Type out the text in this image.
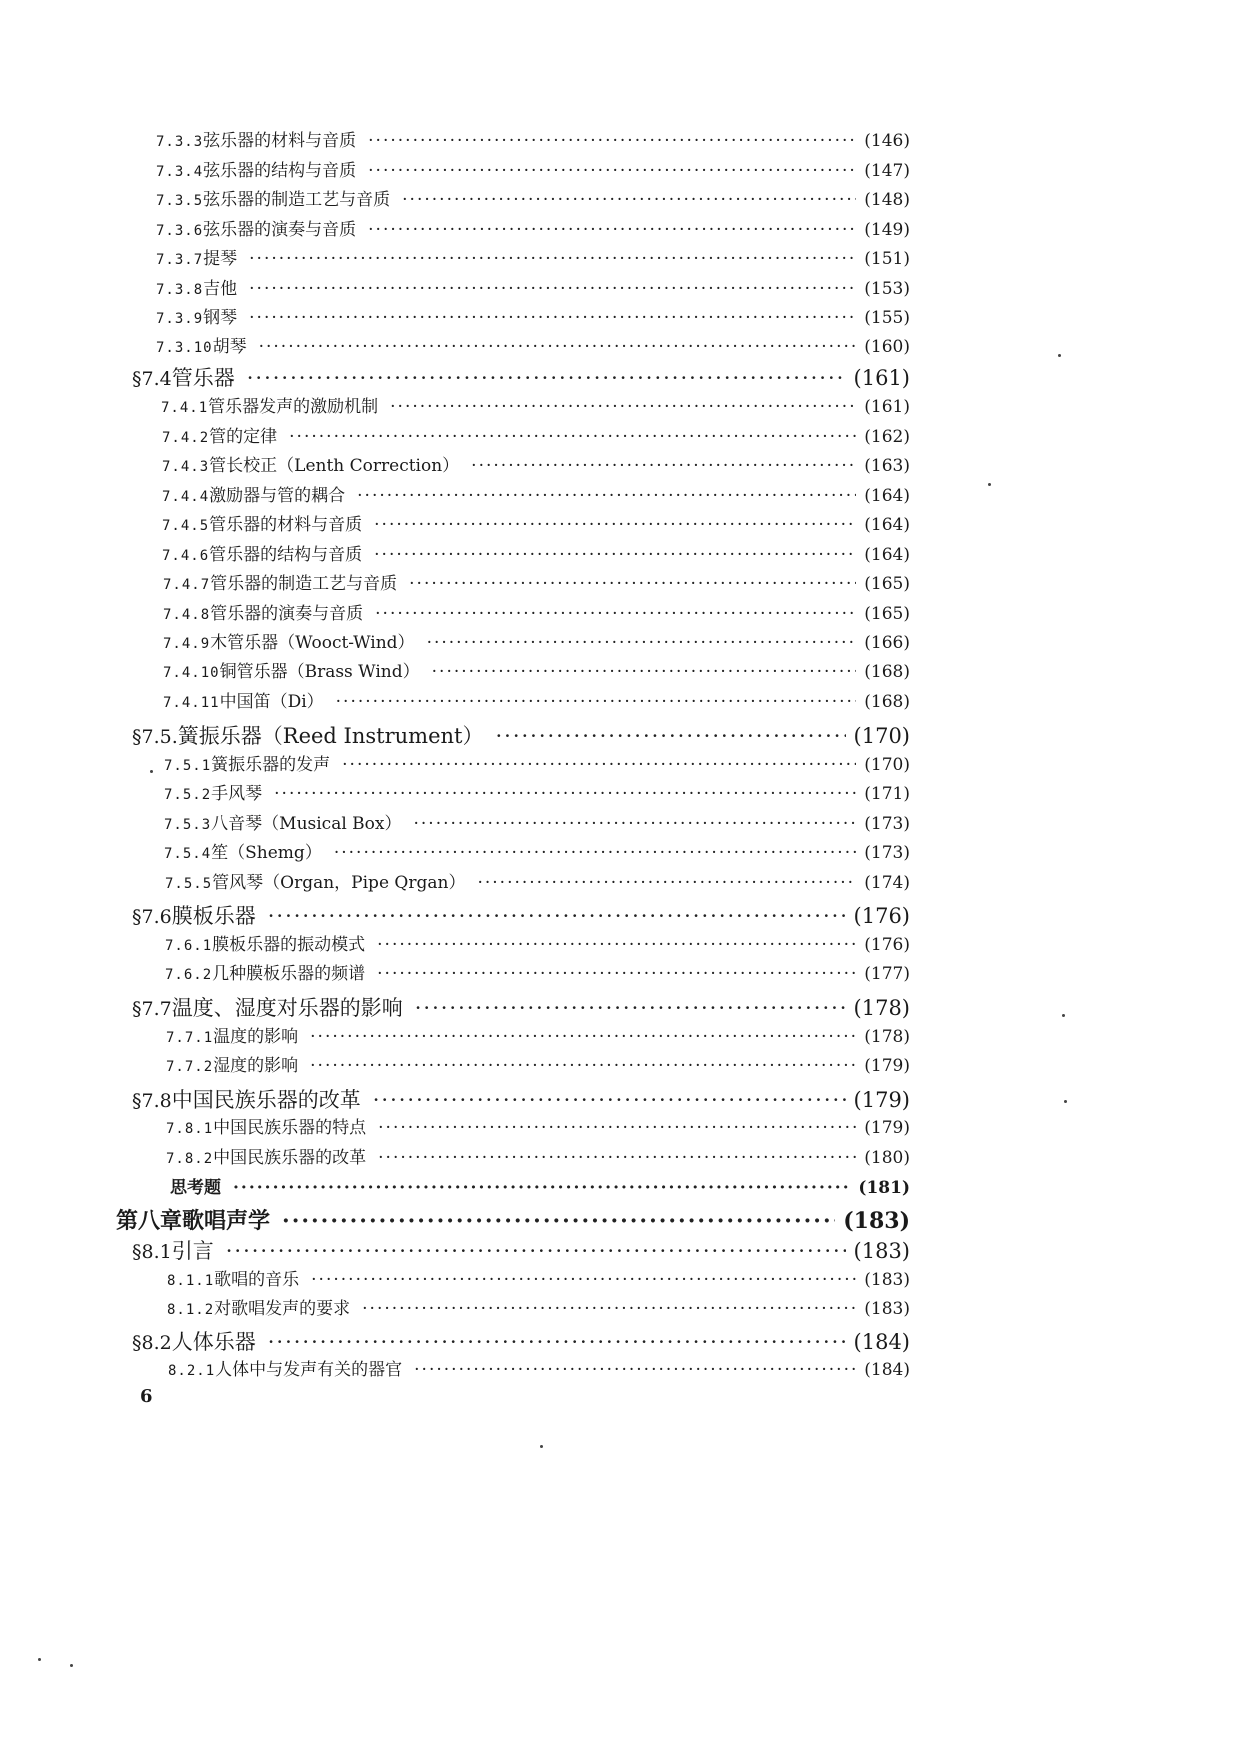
7.3.3 弦乐器的材料与音质 ·····	(146)
7.3.4 弦乐器的结构与音质 ·····	(147)
7.3.5 弦乐器的制造工艺与音质 ·····	(148)
7.3.6 弦乐器的演奏与音质 ·····	(149)
7.3.7 提琴 ·····	(151)
7.3.8 吉他 ·····	(153)
7.3.9 钢琴 ·····	(155)
7.3.10 胡琴 ·····	(160)
§7.4 管乐器 ·····	(161)
7.4.1 管乐器发声的激励机制 ·····	(161)
7.4.2 管的定律 ·····	(162)
7.4.3 管长校正（Lenth Correction） ·····	(163)
7.4.4 激励器与管的耦合 ·····	(164)
7.4.5 管乐器的材料与音质 ·····	(164)
7.4.6 管乐器的结构与音质 ·····	(164)
7.4.7 管乐器的制造工艺与音质 ·····	(165)
7.4.8 管乐器的演奏与音质 ·····	(165)
7.4.9 木管乐器（Wooct-Wind） ·····	(166)
7.4.10 铜管乐器（Brass Wind） ·····	(168)
7.4.11 中国笛（Di） ·····	(168)
§7.5. 簧振乐器（Reed Instrument） ·····	(170)
7.5.1 簧振乐器的发声 ·····	(170)
7.5.2 手风琴 ·····	(171)
7.5.3 八音琴（Musical Box） ·····	(173)
7.5.4 笙（Shemg） ·····	(173)
7.5.5 管风琴（Organ，Pipe Qrgan） ·····	(174)
§7.6 膜板乐器 ·····	(176)
7.6.1 膜板乐器的振动模式 ·····	(176)
7.6.2 几种膜板乐器的频谱 ·····	(177)
§7.7 温度、湿度对乐器的影响 ·····	(178)
7.7.1 温度的影响 ·····	(178)
7.7.2 湿度的影响 ·····	(179)
§7.8 中国民族乐器的改革 ·····	(179)
7.8.1 中国民族乐器的特点 ·····	(179)
7.8.2 中国民族乐器的改革 ·····	(180)
思考题 ·····	(181)
第八章 歌唱声学 ·····	(183)
§8.1 引言 ·····	(183)
8.1.1 歌唱的音乐 ·····	(183)
8.1.2 对歌唱发声的要求 ·····	(183)
§8.2 人体乐器 ·····	(184)
8.2.1 人体中与发声有关的器官 ·····	(184)
6
